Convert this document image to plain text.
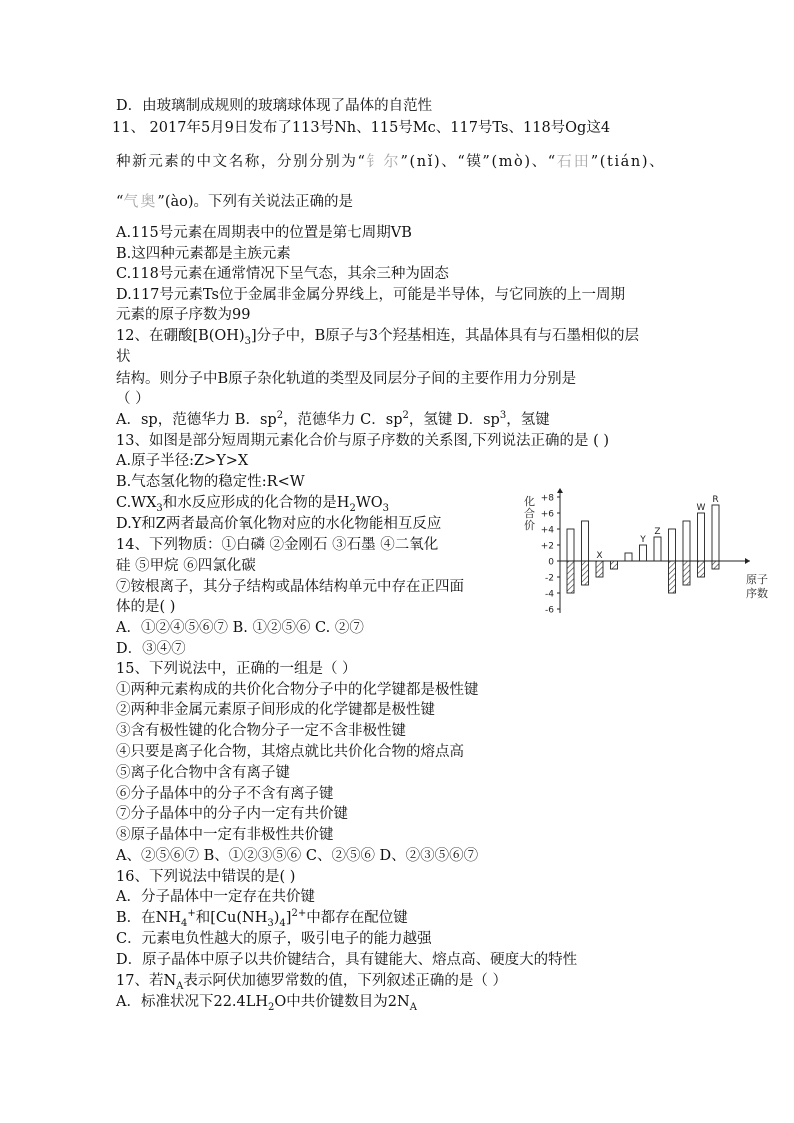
D．由玻璃制成规则的玻璃球体现了晶体的自范性
11、 2017年5月9日发布了113号Nh、115号Mc、117号Ts、118号Og这4
种新元素的中文名称，分别分别为“ 钅尔 ”(nǐ)、“镆”(mò)、“ 石田 ”(tián)、
“ 气奥 ”(ào)。下列有关说法正确的是
A.115号元素在周期表中的位置是第七周期VB
B.这四种元素都是主族元素
C.118号元素在通常情况下呈气态，其余三种为固态
D.117号元素Ts位于金属非金属分界线上，可能是半导体，与它同族的上一周期
元素的原子序数为99
12、在硼酸$[B(OH)_3]$分子中，B原子与3个羟基相连，其晶体具有与石墨相似的层
状
结构。则分子中B原子杂化轨道的类型及同层分子间的主要作用力分别是
（ ）
A．sp，范德华力 B．$sp^2$，范德华力 C．$sp^2$，氢键 D．$sp^3$，氢键
13、如图是部分短周期元素化合价与原子序数的关系图,下列说法正确的是 ( )
A.原子半径:Z>Y>X
B.气态氢化物的稳定性:R<W
$C.WX_3$和水反应形成的化合物的是$H_2WO_3$
D.Y和Z两者最高价氧化物对应的水化物能相互反应
14、下列物质：①白磷 ②金刚石 ③石墨 ④二氧化
硅 ⑤甲烷 ⑥四氯化碳
⑦铵根离子，其分子结构或晶体结构单元中存在正四面
体的是( )
A．①②④⑤⑥⑦ B. ①②⑤⑥ C. ②⑦
D．③④⑦
15、下列说法中，正确的一组是（ ）
①两种元素构成的共价化合物分子中的化学键都是极性键
②两种非金属元素原子间形成的化学键都是极性键
③含有极性键的化合物分子一定不含非极性键
④只要是离子化合物，其熔点就比共价化合物的熔点高
⑤离子化合物中含有离子键
⑥分子晶体中的分子不含有离子键
⑦分子晶体中的分子内一定有共价键
⑧原子晶体中一定有非极性共价键
A、②⑤⑥⑦ B、①②③⑤⑥ C、②⑤⑥ D、②③⑤⑥⑦
16、下列说法中错误的是( )
A．分子晶体中一定存在共价键
B．在$NH_4^+$和$[Cu(NH_3)_4]^{2+}$中都存在配位键
C．元素电负性越大的原子，吸引电子的能力越强
D．原子晶体中原子以共价键结合，具有键能大、熔点高、硬度大的特性
17、若$N_A$表示阿伏加德罗常数的值，下列叙述正确的是（ ）
A．标准状况下$22.4LH_2O$中共价键数目为$2N_A$
+8
+6
+4
+2
0
-2
-4
-6
X
Y
Z
W
R
原子
序数
化
合
价
